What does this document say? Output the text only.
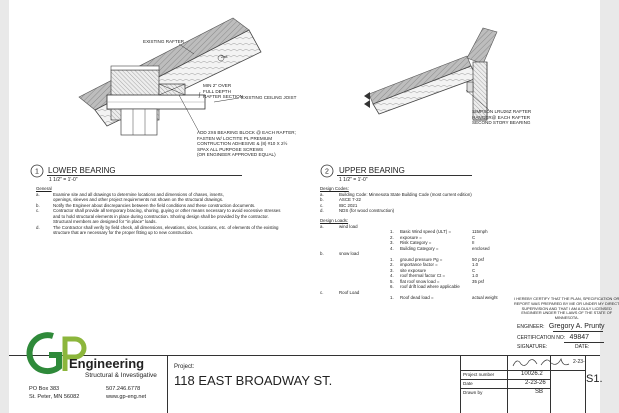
EXISTING RAFTER
2x8
MIN 2" OVER
FULL DEPTH
RAFTER SECTION
EXISTING CEILING JOIST
ADD 2X6 BEARING BLOCK @ EACH RAFTER;
FASTEN W/ LOCTITE PL PREMIUM
CONTRUCTION ADHESIVE & (8) #10 X 2½
SPAX ALL PURPOSE SCREWS
(OR ENGINEER APPROVED EQUAL)
SIMPSON LRU26Z RAFTER
HANGER@ EACH RAFTER
SECOND STORY BEARING
1 LOWER BEARING
1 1/2" = 1'-0"
2 UPPER BEARING
1 1/2" = 1'-0"
General
a.	Examine site and all drawings to determine locations and dimensions of chases, inserts,
openings, sleeves and other project requirements not shown on the structural drawings.
b.	Notify the Engineer about discrepancies between the field conditions and these construction documents.
c.	Contractor shall provide all temporary bracing, shoring, guying or other means necessary to avoid excessive stresses
and to hold structural elements in place during construction. Shoring design shall be provided by the contractor.
Structural members are designed for "in place" loads.
d.	The Contractor shall verify by field check, all dimensions, elevations, sizes, locations, etc. of elements of the existing
structure that are necessary for the proper fitting up to new construction.
Design Codes:
a.	Building Code: Minnesota State Building Code (most current edition)
b.	ASCE 7-22
c.	IBC 2021
d.	NDS (for wood construction)
Design Loads:
a.	wind load
1.	Basic Wind speed (ULT) =	115mph
2.	exposure =	C
3.	Risk Category =	II
4.	Building Category =	enclosed
b.	snow load
1.	ground pressure Pg =	50 psf
2.	importance factor =	1.0
3.	site exposure	C
4.	roof thermal factor Ct =	1.0
5.	flat roof snow load =	35 psf
6.	roof drift load where applicable
c.	Roof Load
1.	Roof dead load =	actual weight	I HEREBY CERTIFY THAT THE PLAN, SPECIFICATION OR
REPORT WAS PREPARED BY ME OR UNDER MY DIRECT
SUPERVISION AND THAT I AM A DULY LICENSED
ENGINEER UNDER THE LAWS OF THE STATE OF
MINNESOTA.
ENGINEER: Gregory A. Prunty
CERTIFICATION NO: 49847
SIGNATURE:	DATE:
2-23-
Engineering
Structural & Investigative
PO Box 383
St. Peter, MN 56082
507.246.6778
www.gp-eng.net
Project:
118 EAST BROADWAY ST.	Project number	10026.2
Date	2-23-26
Drawn by	SB
S1.
